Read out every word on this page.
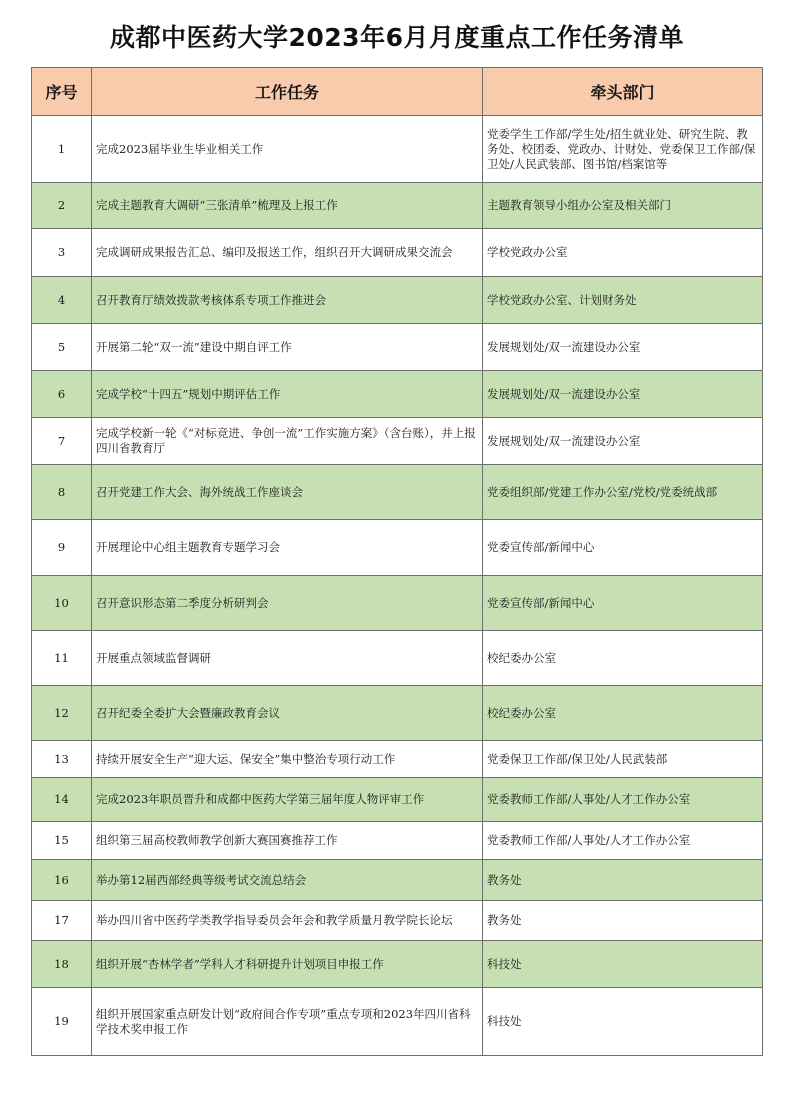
成都中医药大学2023年6月月度重点工作任务清单
序号	工作任务	牵头部门
1	完成2023届毕业生毕业相关工作	党委学生工作部/学生处/招生就业处、研究生院、教务处、校团委、党政办、计财处、党委保卫工作部/保卫处/人民武装部、图书馆/档案馆等
2	完成主题教育大调研“三张清单”梳理及上报工作	主题教育领导小组办公室及相关部门
3	完成调研成果报告汇总、编印及报送工作，组织召开大调研成果交流会	学校党政办公室
4	召开教育厅绩效拨款考核体系专项工作推进会	学校党政办公室、计划财务处
5	开展第二轮“双一流”建设中期自评工作	发展规划处/双一流建设办公室
6	完成学校“十四五”规划中期评估工作	发展规划处/双一流建设办公室
7	完成学校新一轮《“对标竞进、争创一流”工作实施方案》（含台账），并上报四川省教育厅	发展规划处/双一流建设办公室
8	召开党建工作大会、海外统战工作座谈会	党委组织部/党建工作办公室/党校/党委统战部
9	开展理论中心组主题教育专题学习会	党委宣传部/新闻中心
10	召开意识形态第二季度分析研判会	党委宣传部/新闻中心
11	开展重点领域监督调研	校纪委办公室
12	召开纪委全委扩大会暨廉政教育会议	校纪委办公室
13	持续开展安全生产“迎大运、保安全”集中整治专项行动工作	党委保卫工作部/保卫处/人民武装部
14	完成2023年职员晋升和成都中医药大学第三届年度人物评审工作	党委教师工作部/人事处/人才工作办公室
15	组织第三届高校教师教学创新大赛国赛推荐工作	党委教师工作部/人事处/人才工作办公室
16	举办第12届西部经典等级考试交流总结会	教务处
17	举办四川省中医药学类教学指导委员会年会和教学质量月教学院长论坛	教务处
18	组织开展“杏林学者”学科人才科研提升计划项目申报工作	科技处
19	组织开展国家重点研发计划“政府间合作专项”重点专项和2023年四川省科学技术奖申报工作	科技处
